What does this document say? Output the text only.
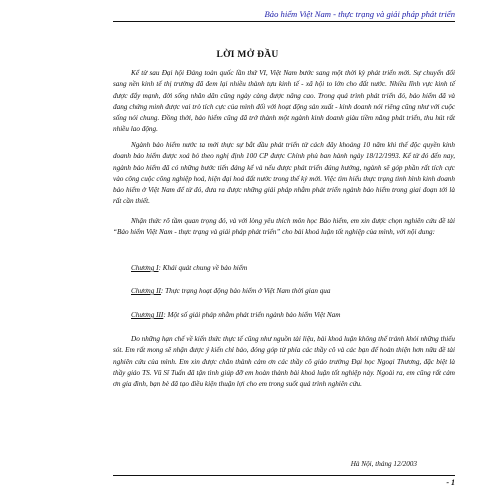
Bảo hiểm Việt Nam - thực trạng và giải pháp phát triển
LỜI MỞ ĐẦU

Kể từ sau Đại hội Đảng toàn quốc lần thứ VI, Việt Nam bước sang một thời kỳ phát triển mới. Sự chuyển đổi sang nền kinh tế thị trường đã đem lại nhiều thành tựu kinh tế - xã hội to lớn cho đất nước. Nhiều lĩnh vực kinh tế được đẩy mạnh, đời sống nhân dân cũng ngày càng được nâng cao. Trong quá trình phát triển đó, bảo hiểm đã và đang chứng minh được vai trò tích cực của mình đối với hoạt động sản xuất - kinh doanh nói riêng cũng như với cuộc sống nói chung. Đồng thời, bảo hiểm cũng đã trở thành một ngành kinh doanh giàu tiềm năng phát triển, thu hút rất nhiều lao động.

Ngành bảo hiểm nước ta mới thực sự bắt đầu phát triển từ cách đây khoảng 10 năm khi thế độc quyền kinh doanh bảo hiểm được xoá bỏ theo nghị định 100 CP được Chính phủ ban hành ngày 18/12/1993. Kể từ đó đến nay, ngành bảo hiểm đã có những bước tiến đáng kể và nếu được phát triển đúng hướng, ngành sẽ góp phần rất tích cực vào công cuộc công nghiệp hoá, hiện đại hoá đất nước trong thế kỷ mới. Việc tìm hiểu thực trạng tình hình kinh doanh bảo hiểm ở Việt Nam để từ đó, đưa ra được những giải pháp nhằm phát triển ngành bảo hiểm trong giai đoạn tới là rất cần thiết.

Nhận thức rõ tầm quan trọng đó, và với lòng yêu thích môn học Bảo hiểm, em xin được chọn nghiên cứu đề tài “Bảo hiểm Việt Nam - thực trạng và giải pháp phát triển” cho bài khoá luận tốt nghiệp của mình, với nội dung:

Chương I: Khái quát chung về bảo hiểm

Chương II: Thực trạng hoạt động bảo hiểm ở Việt Nam thời gian qua

Chương III: Một số giải pháp nhằm phát triển ngành bảo hiểm Việt Nam

Do những hạn chế về kiến thức thực tế cũng như nguồn tài liệu, bài khoá luận không thể tránh khỏi những thiếu sót. Em rất mong sẽ nhận được ý kiến chỉ bảo, đóng góp từ phía các thầy cô và các bạn để hoàn thiện hơn nữa đề tài nghiên cứu của mình. Em xin được chân thành cảm ơn các thầy cô giáo trường Đại học Ngoại Thương, đặc biệt là thầy giáo TS. Vũ Sĩ Tuấn đã tận tình giúp đỡ em hoàn thành bài khoá luận tốt nghiệp này. Ngoài ra, em cũng rất cảm ơn gia đình, bạn bè đã tạo điều kiện thuận lợi cho em trong suốt quá trình nghiên cứu.

Hà Nội, tháng 12/2003
- 1
